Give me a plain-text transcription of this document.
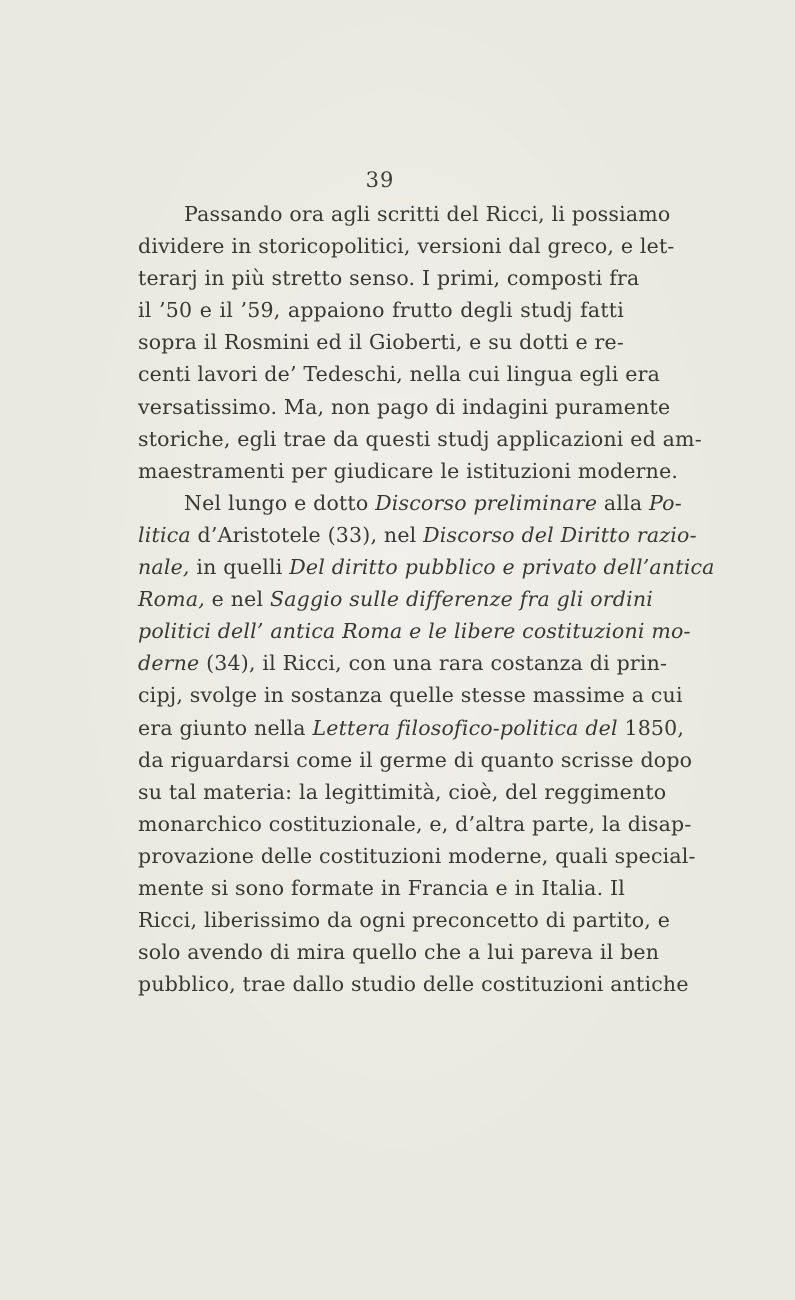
39
Passando ora agli scritti del Ricci, li possiamo
dividere in storicopolitici, versioni dal greco, e let-
terarj in più stretto senso. I primi, composti fra
il ’50 e il ’59, appaiono frutto degli studj fatti
sopra il Rosmini ed il Gioberti, e su dotti e re-
centi lavori de’ Tedeschi, nella cui lingua egli era
versatissimo. Ma, non pago di indagini puramente
storiche, egli trae da questi studj applicazioni ed am-
maestramenti per giudicare le istituzioni moderne.
Nel lungo e dotto Discorso preliminare alla Po-
litica d’Aristotele (33), nel Discorso del Diritto razio-
nale, in quelli Del diritto pubblico e privato dell’antica
Roma, e nel Saggio sulle differenze fra gli ordini
politici dell’ antica Roma e le libere costituzioni mo-
derne (34), il Ricci, con una rara costanza di prin-
cipj, svolge in sostanza quelle stesse massime a cui
era giunto nella Lettera filosofico-politica del 1850,
da riguardarsi come il germe di quanto scrisse dopo
su tal materia: la legittimità, cioè, del reggimento
monarchico costituzionale, e, d’altra parte, la disap-
provazione delle costituzioni moderne, quali special-
mente si sono formate in Francia e in Italia. Il
Ricci, liberissimo da ogni preconcetto di partito, e
solo avendo di mira quello che a lui pareva il ben
pubblico, trae dallo studio delle costituzioni antiche
